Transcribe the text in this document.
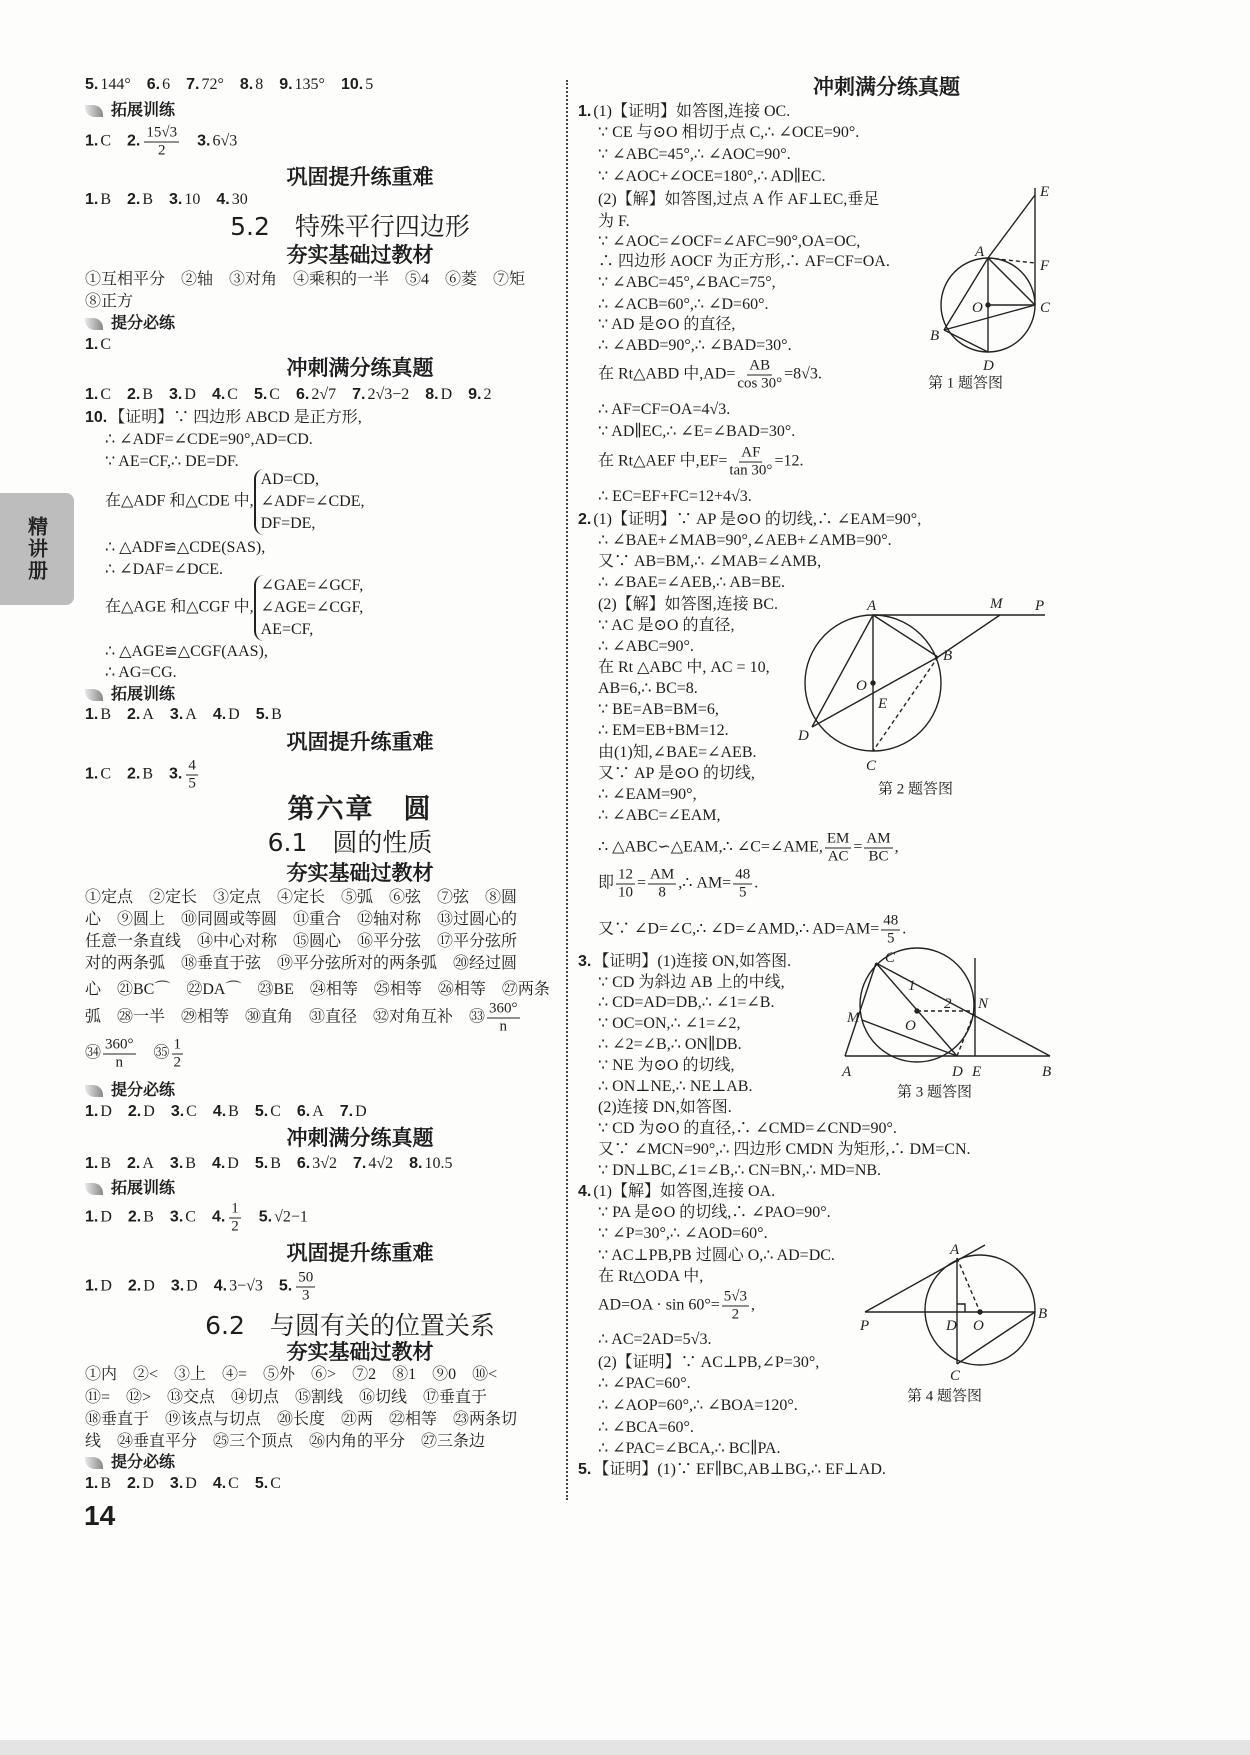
精讲册
5. 144° 6. 6 7. 72° 8. 8 9. 135° 10. 5
拓展训练
1. C 2. $\frac{15√3}{2} 3$. 6√3
巩固提升练重难
1. B 2. B 3. 10 4. 30
5.2　特殊平行四边形
夯实基础过教材
①互相平分　②轴　③对角　④乘积的一半　⑤4　⑥菱　⑦矩
⑧正方
提分必练
1. C
冲刺满分练真题
1. C 2. B 3. D 4. C 5. C 6. 2√7 7. 2√3−2 8. D 9. 2
10. 【证明】∵ 四边形 ABCD 是正方形,
∴ ∠ADF=∠CDE=90°,AD=CD.
∵ AE=CF,∴ DE=DF.
在△ADF 和△CDE 中,
AD=CD,
∠ADF=∠CDE,
DF=DE,
∴ △ADF≌△CDE(SAS),
∴ ∠DAF=∠DCE.
在△AGE 和△CGF 中,
∠GAE=∠GCF,
∠AGE=∠CGF,
AE=CF,
∴ △AGE≌△CGF(AAS),
∴ AG=CG.
拓展训练
1. B 2. A 3. A 4. D 5. B
巩固提升练重难
1. C 2. B 3. $\frac{4}{5}$
第六章　圆
6.1　圆的性质
夯实基础过教材
①定点　②定长　③定点　④定长　⑤弧　⑥弦　⑦弦　⑧圆
心　⑨圆上　⑩同圆或等圆　⑪重合　⑫轴对称　⑬过圆心的
任意一条直线　⑭中心对称　⑮圆心　⑯平分弦　⑰平分弦所
对的两条弧　⑱垂直于弦　⑲平分弦所对的两条弧　⑳经过圆
心　㉑BC⌒　㉒DA⌒　㉓BE　㉔相等　㉕相等　㉖相等　㉗两条
弧　㉘一半　㉙相等　㉚直角　㉛直径　㉜对角互补　㉝ $\frac{360^\circ}{n}$
㉞ $\frac{360^\circ}{n}$ 　㉟ $\frac{1}{2}$
提分必练
1. D 2. D 3. C 4. B 5. C 6. A 7. D
冲刺满分练真题
1. B 2. A 3. B 4. D 5. B 6. 3√2 7. 4√2 8. 10.5
拓展训练
1. D 2. B 3. C 4. $\frac{1}{2} 5$. √2−1
巩固提升练重难
1. D 2. D 3. D 4. 3−√3 5. $\frac{50}{3}$
6.2　与圆有关的位置关系
夯实基础过教材
①内　②<　③上　④=　⑤外　⑥>　⑦2　⑧1　⑨0　⑩<
⑪=　⑫>　⑬交点　⑭切点　⑮割线　⑯切线　⑰垂直于
⑱垂直于　⑲该点与切点　⑳长度　㉑两　㉒相等　㉓两条切
线　㉔垂直平分　㉕三个顶点　㉖内角的平分　㉗三条边
提分必练
1. B 2. D 3. D 4. C 5. C
冲刺满分练真题
1. (1)【证明】如答图,连接 OC.
∵ CE 与⊙O 相切于点 C,∴ ∠OCE=90°.
∵ ∠ABC=45°,∴ ∠AOC=90°.
∵ ∠AOC+∠OCE=180°,∴ AD∥EC.
(2)【解】如答图,过点 A 作 AF⊥EC,垂足
为 F.
∵ ∠AOC=∠OCF=∠AFC=90°,OA=OC,
∴ 四边形 AOCF 为正方形,∴ AF=CF=OA.
∵ ∠ABC=45°,∠BAC=75°,
∴ ∠ACB=60°,∴ ∠D=60°.
∵ AD 是⊙O 的直径,
∴ ∠ABD=90°,∴ ∠BAD=30°.
在 Rt△ABD 中$,AD= \frac{AB}{\cos 30^\circ} =8√3$.
∴ AF=CF=OA=4√3.
∵ AD∥EC,∴ ∠E=∠BAD=30°.
在 Rt△AEF 中$,EF= \frac{AF}{\tan 30^\circ} =12$.
∴ EC=EF+FC=12+4√3.
2. (1)【证明】∵ AP 是⊙O 的切线,∴ ∠EAM=90°,
∴ ∠BAE+∠MAB=90°,∠AEB+∠AMB=90°.
又∵ AB=BM,∴ ∠MAB=∠AMB,
∴ ∠BAE=∠AEB,∴ AB=BE.
(2)【解】如答图,连接 BC.
∵ AC 是⊙O 的直径,
∴ ∠ABC=90°.
在 Rt △ABC 中, AC = 10,
AB=6,∴ BC=8.
∵ BE=AB=BM=6,
∴ EM=EB+BM=12.
由(1)知,∠BAE=∠AEB.
又∵ AP 是⊙O 的切线,
∴ ∠EAM=90°,
∴ ∠ABC=∠EAM,
∴ △ABC∽△EAM,∴ ∠C=∠AME, $\frac{EM}{AC} = \frac{AM}{BC}$ ,
即 $\frac{12}{10} = \frac{AM}{8}$ ,∴ $AM= \frac{48}{5}$ .
又∵ ∠D=∠C,∴ ∠D=∠AMD,∴ $AD=AM= \frac{48}{5}$ .
3. 【证明】(1)连接 ON,如答图.
∵ CD 为斜边 AB 上的中线,
∴ CD=AD=DB,∴ ∠1=∠B.
∵ OC=ON,∴ ∠1=∠2,
∴ ∠2=∠B,∴ ON∥DB.
∵ NE 为⊙O 的切线,
∴ ON⊥NE,∴ NE⊥AB.
(2)连接 DN,如答图.
∵ CD 为⊙O 的直径,∴ ∠CMD=∠CND=90°.
又∵ ∠MCN=90°,∴ 四边形 CMDN 为矩形,∴ DM=CN.
∵ DN⊥BC,∠1=∠B,∴ CN=BN,∴ MD=NB.
4. (1)【解】如答图,连接 OA.
∵ PA 是⊙O 的切线,∴ ∠PAO=90°.
∵ ∠P=30°,∴ ∠AOD=60°.
∵ AC⊥PB,PB 过圆心 O,∴ AD=DC.
在 Rt△ODA 中,
$AD=OA \cdot \sin 60^\circ= \frac{5√3}{2}$ ,
∴ AC=2AD=5√3.
(2)【证明】∵ AC⊥PB,∠P=30°,
∴ ∠PAC=60°.
∴ ∠AOP=60°,∴ ∠BOA=120°.
∴ ∠BCA=60°.
∴ ∠PAC=∠BCA,∴ BC∥PA.
5. 【证明】(1)∵ EF∥BC,AB⊥BG,∴ EF⊥AD.
14
E
A
F
O	C
B
D
A	M P
B
O
E
D
C
C
1
2 N
M	O
A	D E	B
A
P	D O
B
C
第 1 题答图
第 2 题答图
第 3 题答图
第 4 题答图
